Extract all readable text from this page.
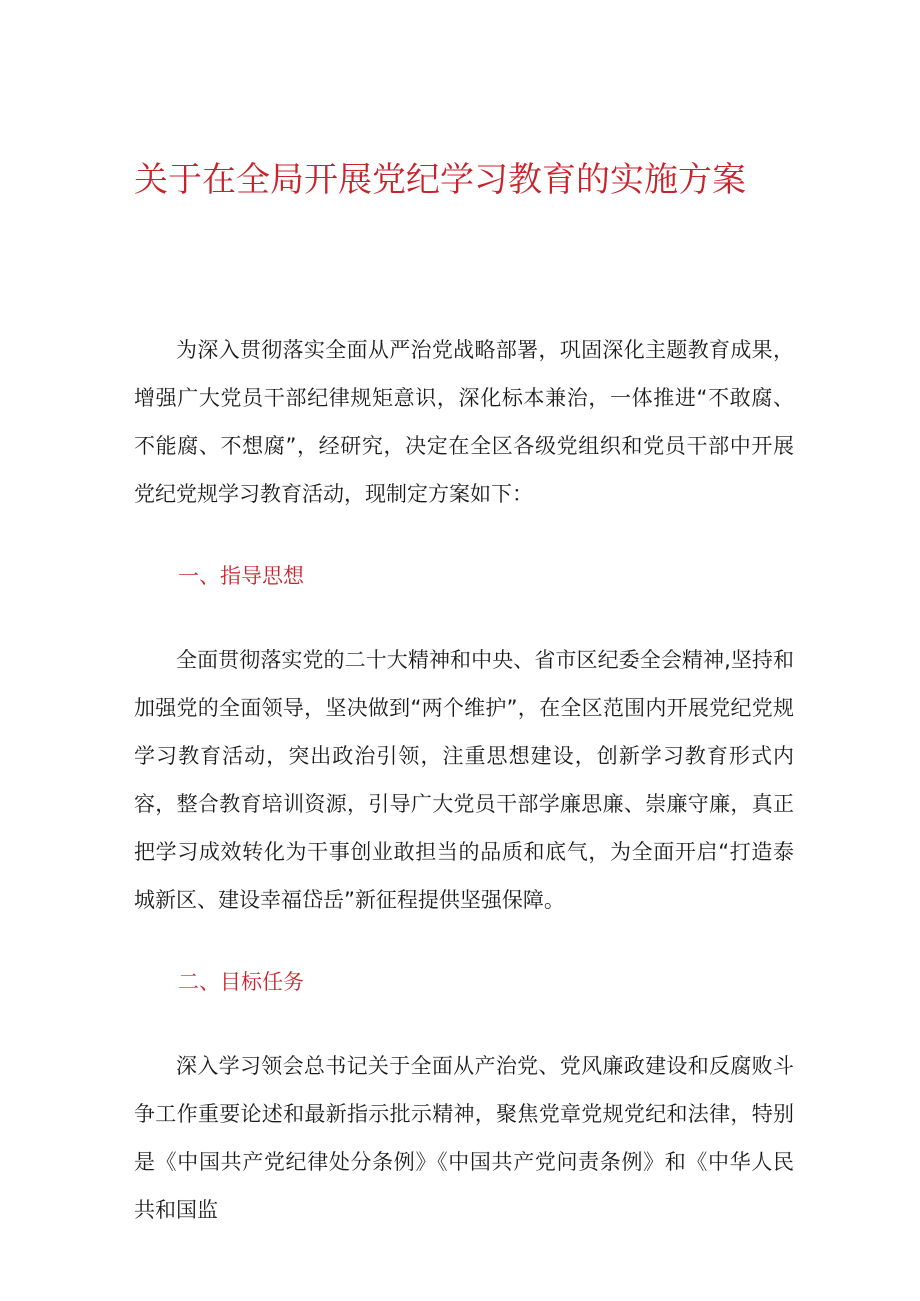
关于在全局开展党纪学习教育的实施方案

为深入贯彻落实全面从严治党战略部署，巩固深化主题教育成果，增强广大党员干部纪律规矩意识，深化标本兼治，一体推进“不敢腐、不能腐、不想腐”，经研究，决定在全区各级党组织和党员干部中开展党纪党规学习教育活动，现制定方案如下：

一、指导思想

全面贯彻落实党的二十大精神和中央、省市区纪委全会精神,坚持和加强党的全面领导，坚决做到“两个维护”，在全区范围内开展党纪党规学习教育活动，突出政治引领，注重思想建设，创新学习教育形式内容，整合教育培训资源，引导广大党员干部学廉思廉、崇廉守廉，真正把学习成效转化为干事创业敢担当的品质和底气，为全面开启“打造泰城新区、建设幸福岱岳”新征程提供坚强保障。

二、目标任务

深入学习领会总书记关于全面从产治党、党风廉政建设和反腐败斗争工作重要论述和最新指示批示精神，聚焦党章党规党纪和法律，特别是《中国共产党纪律处分条例》《中国共产党问责条例》和《中华人民共和国监
